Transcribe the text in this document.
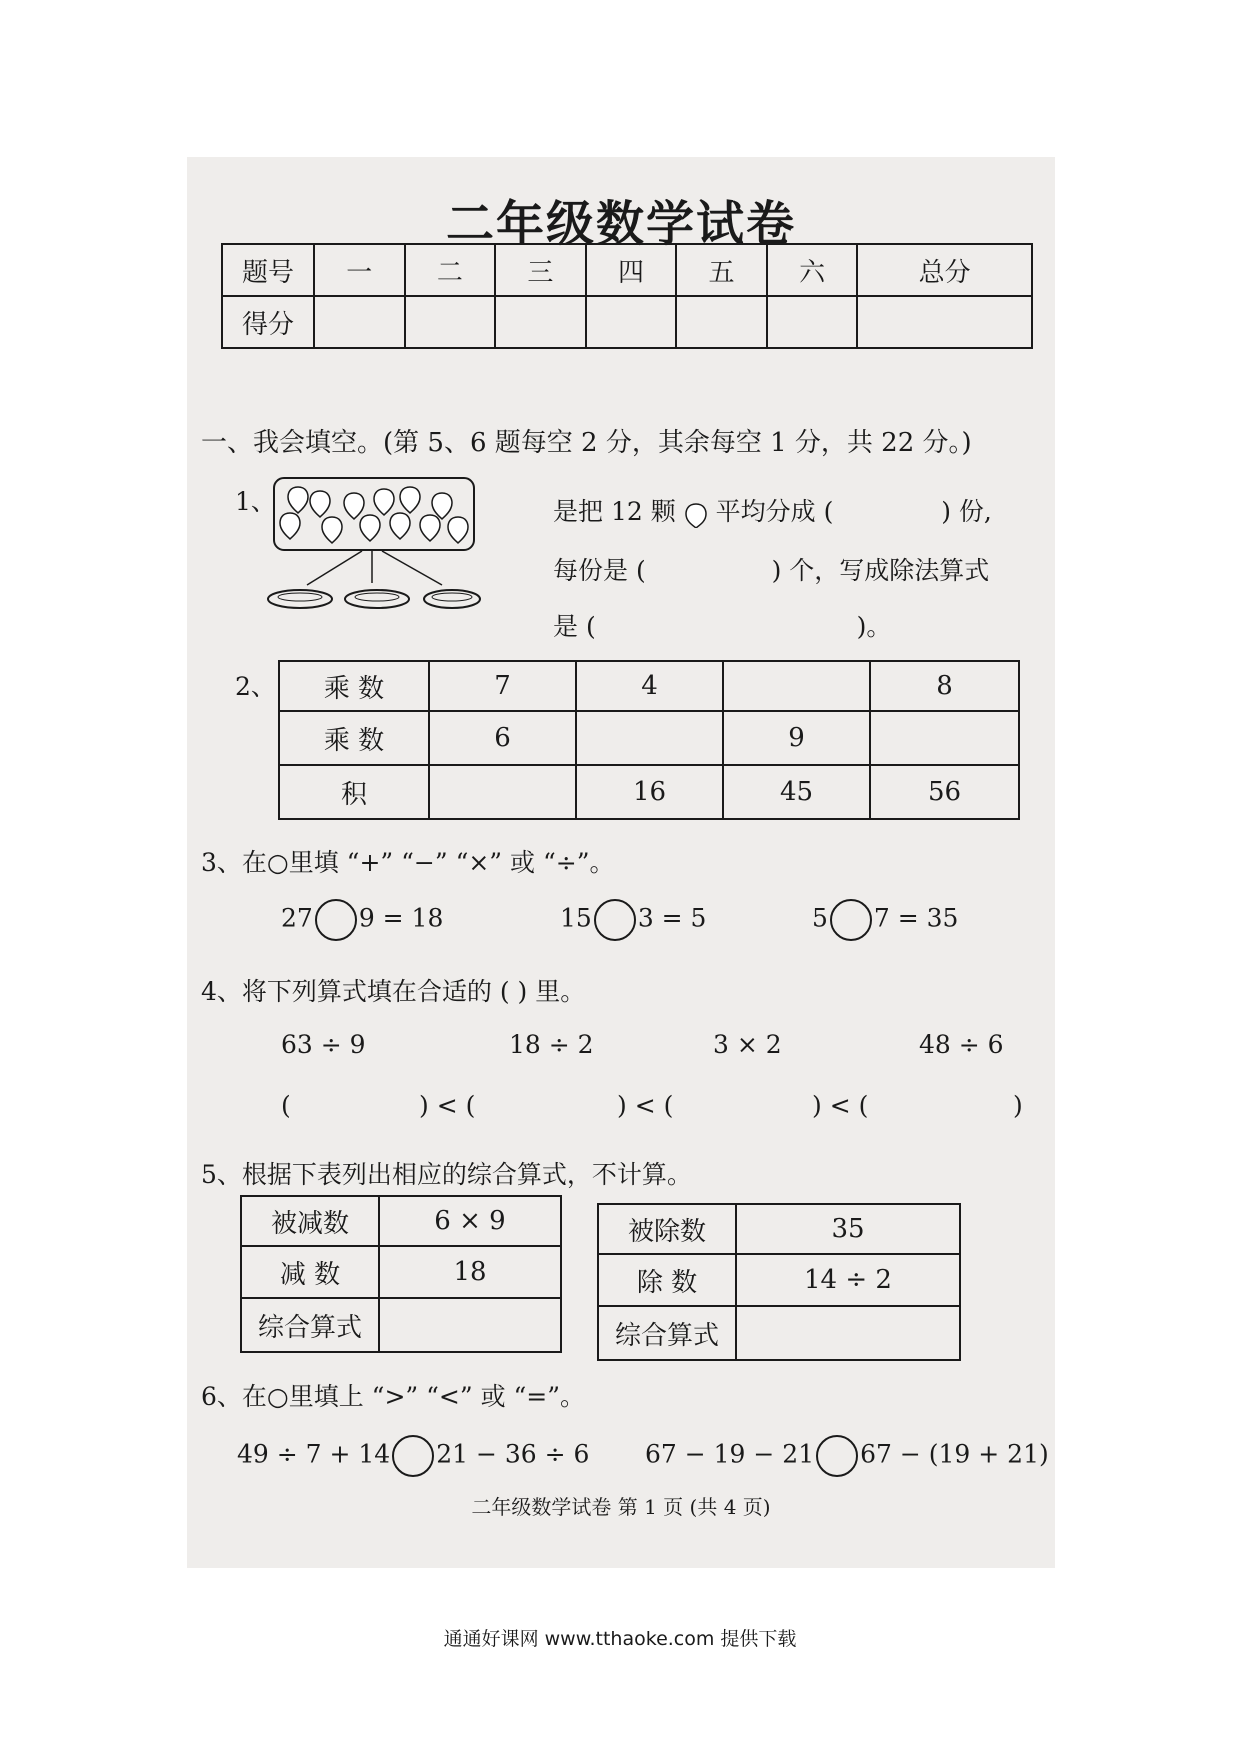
二年级数学试卷
题号	一	二	三	四	五	六	总分
得分							
一、我会填空。(第 5、6 题每空 2 分，其余每空 1 分，共 22 分。)
1、	是把 12 颗 平均分成 (	) 份,
每份是 (	) 个，写成除法算式
是 (	)。
2、 乘 数	7	4		8
乘 数	6		9	
积		16	45	56
3、在○里填 “+” “−” “×” 或 “÷”。
27 9 = 18	15 3 = 5	5 7 = 35
4、将下列算式填在合适的 ( ) 里。
63 ÷ 9	18 ÷ 2	3 × 2	48 ÷ 6
(	) < (	) < (	) < (	)
5、根据下表列出相应的综合算式，不计算。
被减数	6 × 9
减 数	18
综合算式	
被除数	35
除 数	14 ÷ 2
综合算式	
6、在○里填上 “>” “<” 或 “=”。
49 ÷ 7 + 14 21 − 36 ÷ 6 67 − 19 − 21 67 − (19 + 21)
二年级数学试卷 第 1 页 (共 4 页)
通通好课网 www.tthaoke.com 提供下载
